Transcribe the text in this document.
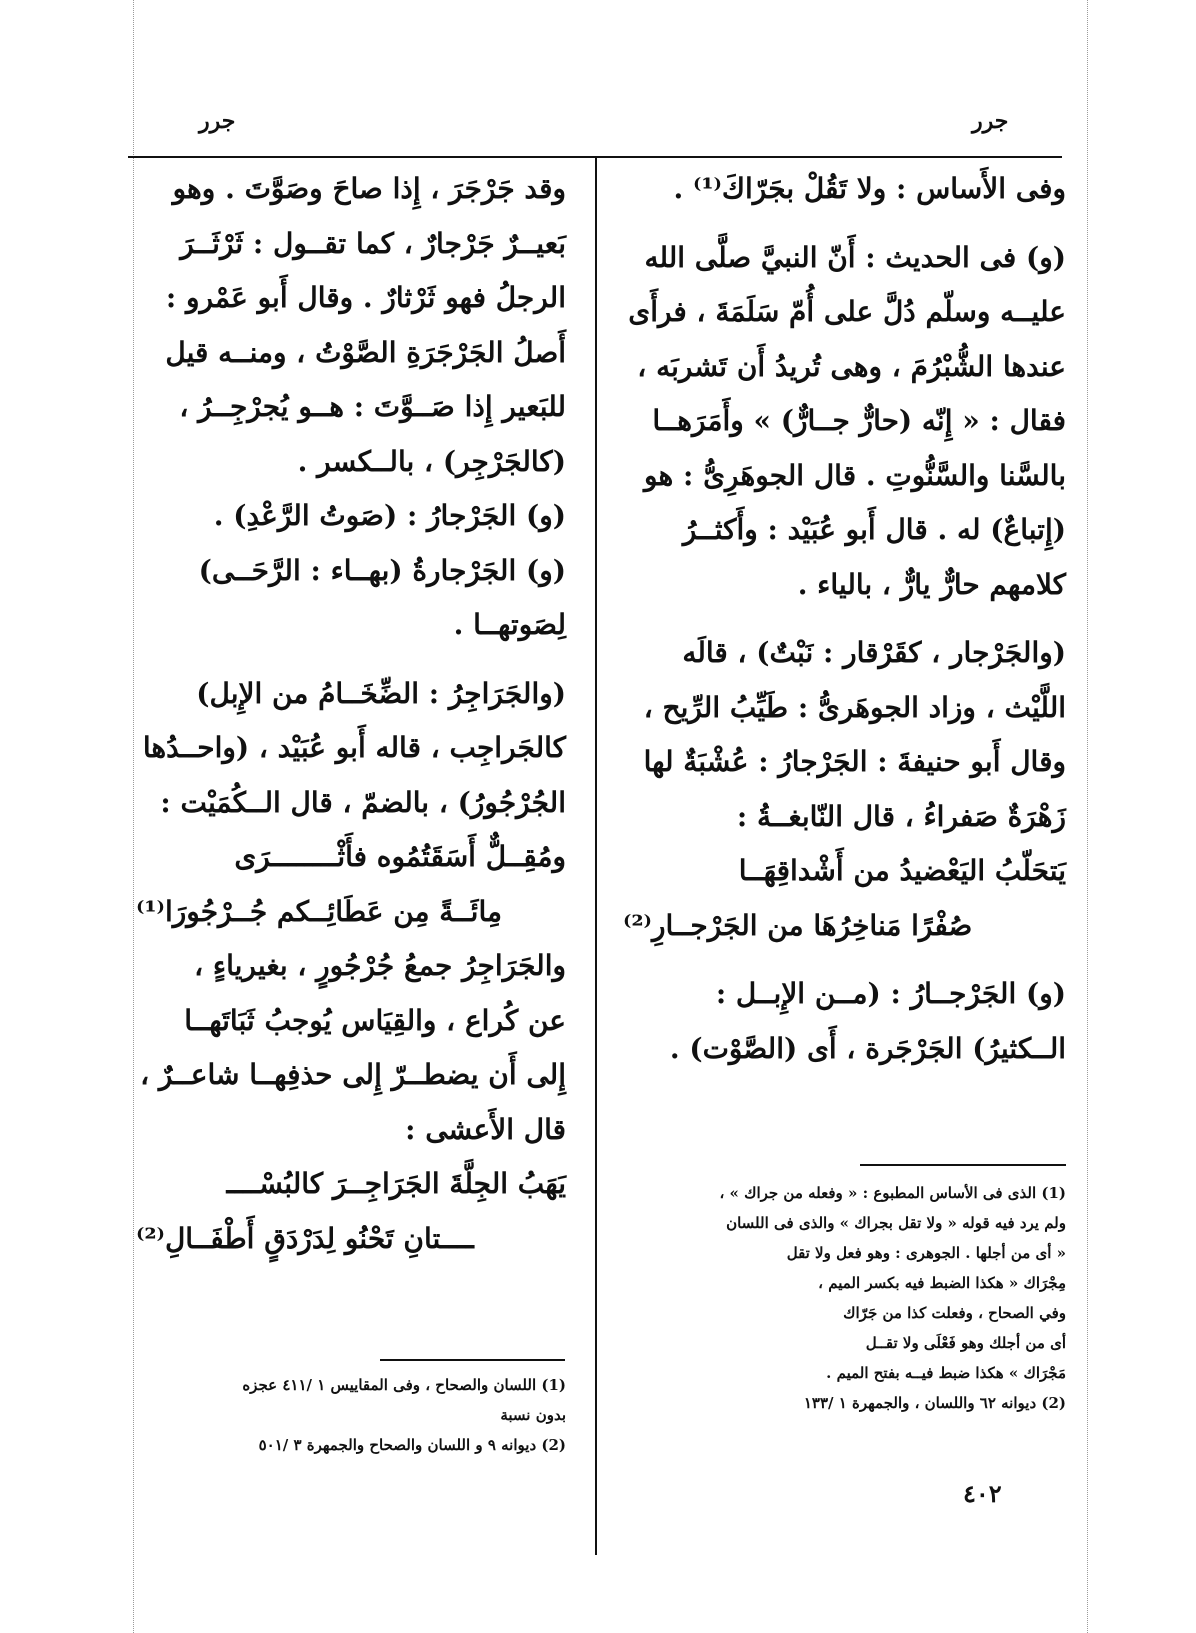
جرر
جرر

وفى الأَساس : ولا تَقُلْ بجَرّاكَ⁽¹⁾ .

(و) فى الحديث : أَنّ النبيَّ صلَّى الله

عليــه وسلّم دُلَّ على أُمّ سَلَمَةَ ، فرأَى

عندها الشُّبْرُمَ ، وهى تُريدُ أَن تَشربَه ،

فقال : « إِنّه (حارٌّ جــارٌّ) » وأَمَرَهــا

بالسَّنا والسَّنُّوتِ . قال الجوهَرِىُّ : هو

(إِتباعٌ) له . قال أَبو عُبَيْد : وأَكثــرُ

كلامهم حارٌّ يارٌّ ، بالياء .

(والجَرْجار ، كقَرْقار : نَبْتٌ) ، قالَه

اللَّيْث ، وزاد الجوهَرىُّ : طَيِّبُ الرِّيح ،

وقال أَبو حنيفةَ : الجَرْجارُ : عُشْبَةٌ لها

زَهْرَةٌ صَفراءُ ، قال النّابغــةُ :

يَتحَلّبُ اليَعْضيدُ من أَشْداقِهَــا

صُفْرًا مَناخِرُهَا من الجَرْجــارِ⁽²⁾

(و) الجَرْجــارُ : (مــن الإِبــل :

الــكثيرُ) الجَرْجَرة ، أَى (الصَّوْت) .

(1) الذى فى الأساس المطبوع : « وفعله من جراك » ،

ولم يرد فيه قوله « ولا تقل بجراك » والذى فى اللسان

« أى من أجلها . الجوهرى : وهو فعل ولا تقل

مِجْرَاك « هكذا الضبط فيه بكسر الميم ،

وفي الصحاح ، وفعلت كذا من جَرّاك

أى من أجلك وهو فَعْلَى ولا تقــل

مَجْرَاك » هكذا ضبط فيــه بفتح الميم .

(2) ديوانه ٦٢ واللسان ، والجمهرة ١ /١٣٣

وقد جَرْجَرَ ، إِذا صاحَ وصَوَّتَ . وهو

بَعيــرٌ جَرْجارٌ ، كما تقــول : ثَرْثَــرَ

الرجلُ فهو ثَرْثارٌ . وقال أَبو عَمْرو :

أَصلُ الجَرْجَرَةِ الصَّوْتُ ، ومنــه قيل

للبَعير إِذا صَــوَّتَ : هــو يُجرْجِــرُ ،

(كالجَرْجِر) ، بالــكسر .

(و) الجَرْجارُ : (صَوتُ الرَّعْدِ) .

(و) الجَرْجارةُ (بهــاء : الرَّحَــى)

لِصَوتهــا .

(والجَرَاجِرُ : الضِّخَــامُ من الإِبل)

كالجَراجِب ، قاله أَبو عُبَيْد ، (واحــدُها

الجُرْجُورُ) ، بالضمّ ، قال الــكُمَيْت :

ومُقِــلٌّ أَسَقَتُمُوه فأَثْــــــــرَى

مِائَــةً مِن عَطَائِــكم جُــرْجُورَا⁽¹⁾

والجَرَاجِرُ جمعُ جُرْجُورٍ ، بغيرياءٍ ،

عن كُراع ، والقِيَاس يُوجبُ ثَبَاتَهــا

إِلى أَن يضطــرّ إِلى حذفِهــا شاعــرٌ ،

قال الأَعشى :

يَهَبُ الجِلَّةَ الجَرَاجِــرَ كالبُسْــــ

ــــتانِ تَحْنُو لِدَرْدَقٍ أَطْفَــالِ⁽²⁾

(1) اللسان والصحاح ، وفى المقاييس ١ /٤١١ عجزه

بدون نسبة

(2) ديوانه ٩ و اللسان والصحاح والجمهرة ٣ /٥٠١

٤٠٢
